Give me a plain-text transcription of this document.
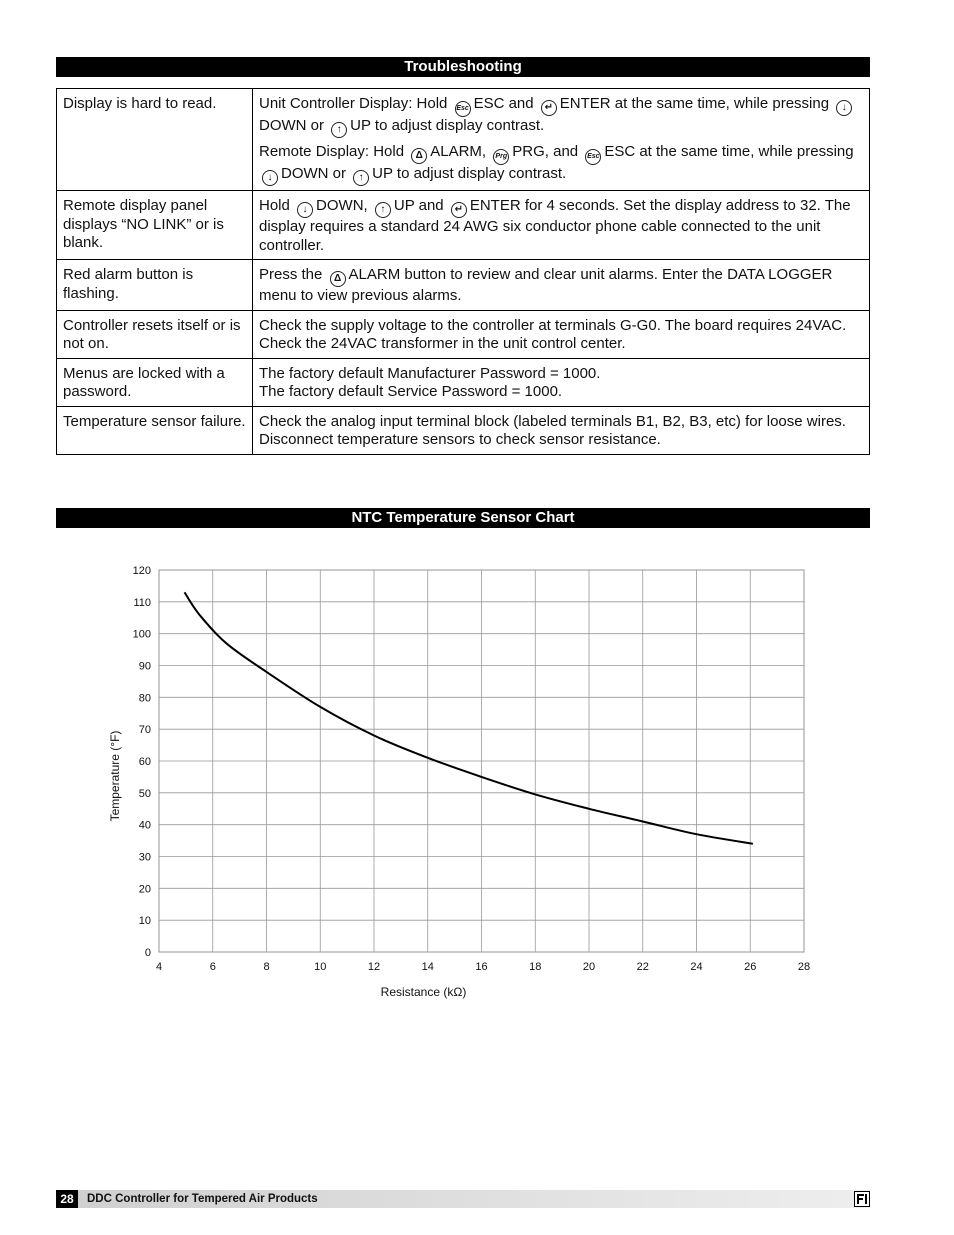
Troubleshooting
Display is hard to read.	Unit Controller Display: Hold Esc ESC and ↵ ENTER at the same time, while pressing ↓DOWN or ↑ UP to adjust display contrast.
Remote Display: Hold Δ ALARM, Prg PRG, and Esc ESC at the same time, while pressing ↓ DOWN or ↑ UP to adjust display contrast.

Remote display panel displays “NO LINK” or is blank.	Hold ↓ DOWN, ↑ UP and ↵ ENTER for 4 seconds. Set the display address to 32. The display requires a standard 24 AWG six conductor phone cable connected to the unit controller.
Red alarm button is flashing.	Press the Δ ALARM button to review and clear unit alarms. Enter the DATA LOGGER menu to view previous alarms.
Controller resets itself or is not on.	Check the supply voltage to the controller at terminals G-G0. The board requires 24VAC. Check the 24VAC transformer in the unit control center.
Menus are locked with a password.	The factory default Manufacturer Password = 1000.
The factory default Service Password = 1000.

Temperature sensor failure.	Check the analog input terminal block (labeled terminals B1, B2, B3, etc) for loose wires. Disconnect temperature sensors to check sensor resistance.
NTC Temperature Sensor Chart
4	6	8	10	12	14	16	18	20	22	24	26	28
0
10
20
30
40
50
60
70
80
90
100
110
120
Resistance (kΩ)
Temperature (°F)
28	DDC Controller for Tempered Air Products
